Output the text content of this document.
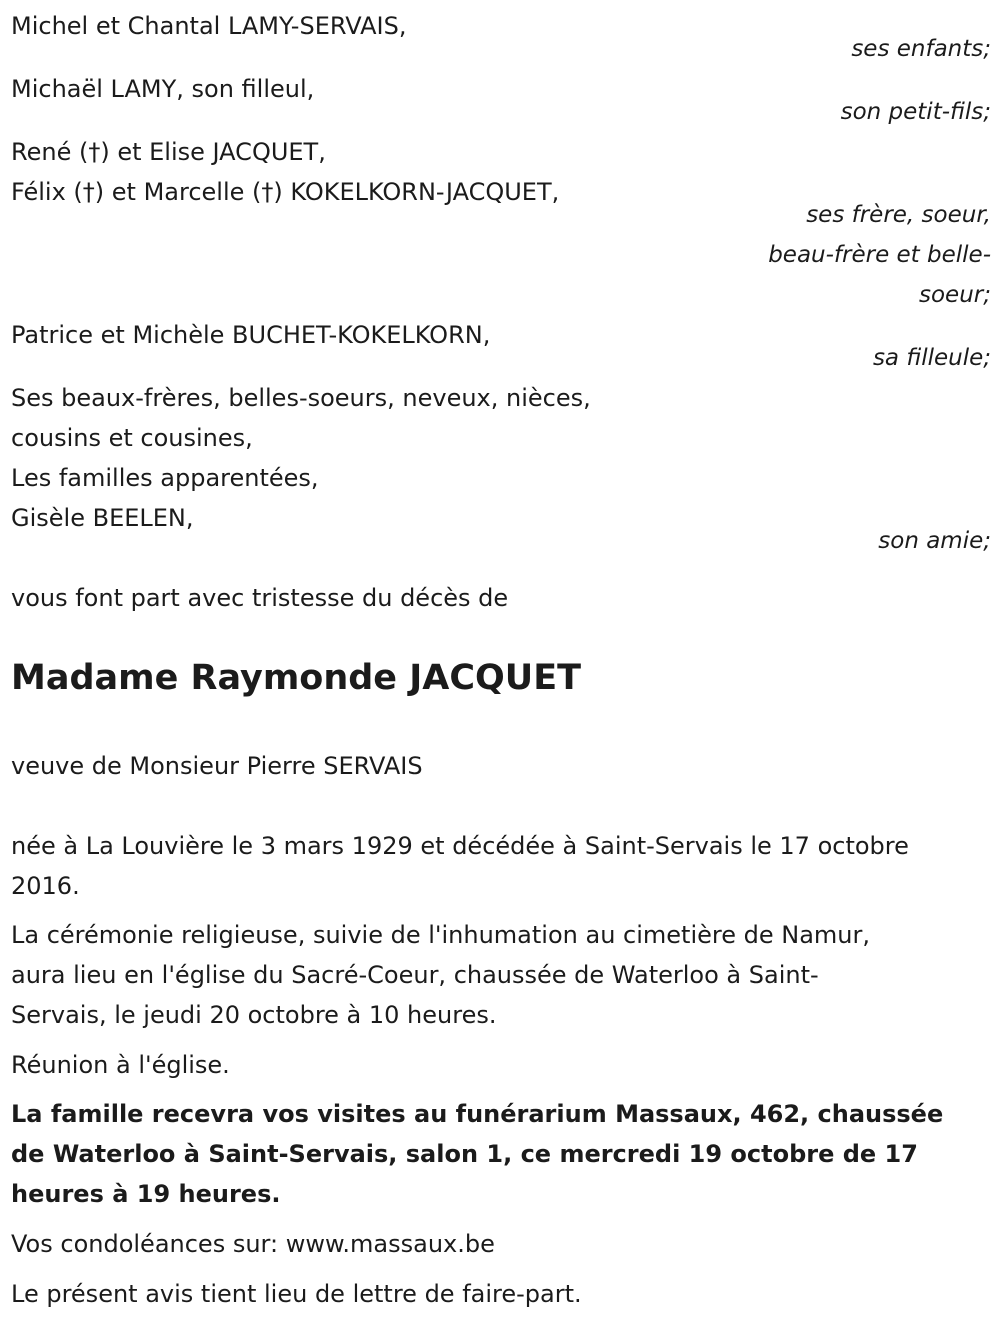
Michel et Chantal LAMY-SERVAIS,
ses enfants;
Michaël LAMY, son filleul,
son petit-fils;
René (†) et Elise JACQUET,
Félix (†) et Marcelle (†) KOKELKORN-JACQUET,
ses frère, soeur,
beau-frère et belle-
soeur;
Patrice et Michèle BUCHET-KOKELKORN,
sa filleule;
Ses beaux-frères, belles-soeurs, neveux, nièces,
cousins et cousines,
Les familles apparentées,
Gisèle BEELEN,
son amie;
vous font part avec tristesse du décès de
Madame Raymonde JACQUET
veuve de Monsieur Pierre SERVAIS
née à La Louvière le 3 mars 1929 et décédée à Saint-Servais le 17 octobre
2016.
La cérémonie religieuse, suivie de l'inhumation au cimetière de Namur,
aura lieu en l'église du Sacré-Coeur, chaussée de Waterloo à Saint-
Servais, le jeudi 20 octobre à 10 heures.
Réunion à l'église.
La famille recevra vos visites au funérarium Massaux, 462, chaussée
de Waterloo à Saint-Servais, salon 1, ce mercredi 19 octobre de 17
heures à 19 heures.
Vos condoléances sur: www.massaux.be
Le présent avis tient lieu de lettre de faire-part.
